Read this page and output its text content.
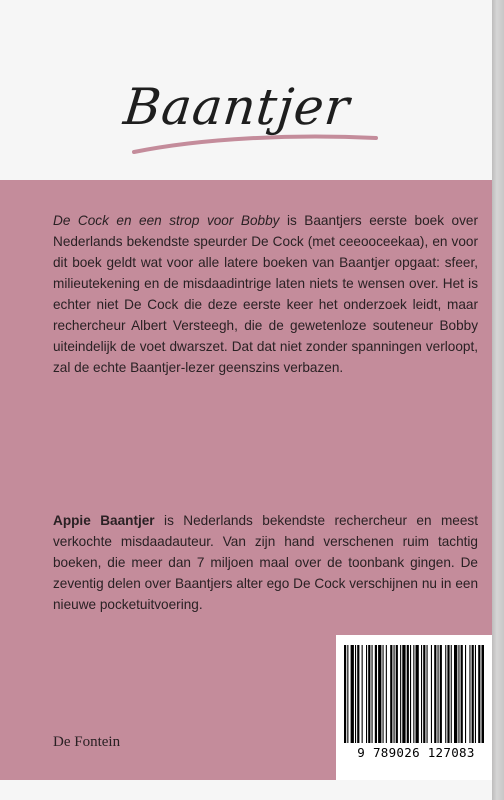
Baantjer

De Cock en een strop voor Bobby is Baantjers eerste boek over Nederlands bekendste speurder De Cock (met ceeooceekaa), en voor dit boek geldt wat voor alle latere boeken van Baantjer opgaat: sfeer, milieutekening en de misdaadintrige laten niets te wensen over. Het is echter niet De Cock die deze eerste keer het onderzoek leidt, maar rechercheur Albert Versteegh, die de gewetenloze souteneur Bobby uiteindelijk de voet dwarszet. Dat dat niet zonder spanningen verloopt, zal de echte Baantjer-lezer geenszins verbazen.

Appie Baantjer is Nederlands bekendste rechercheur en meest verkochte misdaadauteur. Van zijn hand verschenen ruim tachtig boeken, die meer dan 7 miljoen maal over de toonbank gingen. De zeventig delen over Baantjers alter ego De Cock verschijnen nu in een nieuwe pocketuitvoering.

De Fontein
9 789026 127083
